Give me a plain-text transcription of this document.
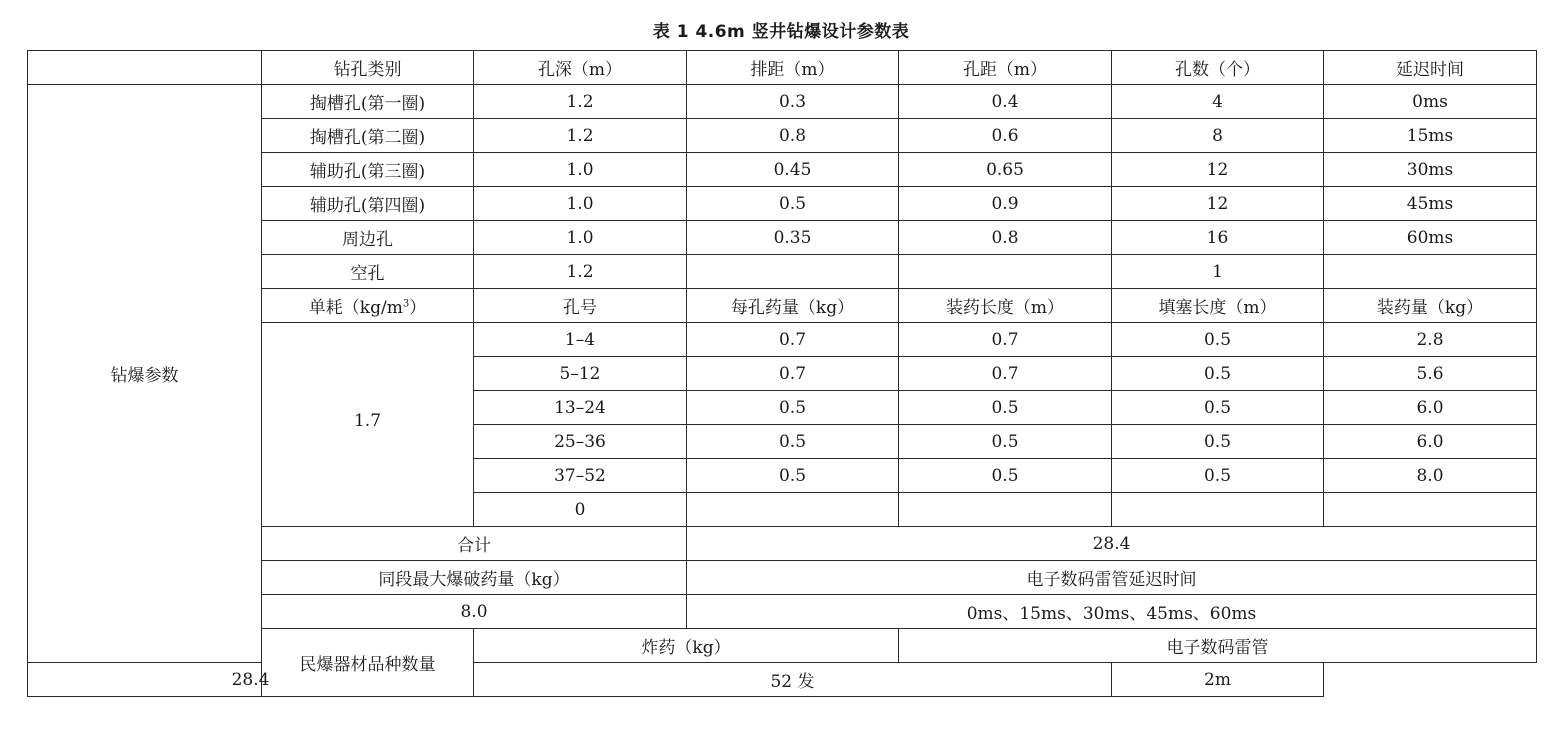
表 1 4.6m 竖井钻爆设计参数表
	钻孔类别	孔深（m）	排距（m）	孔距（m）	孔数（个）	延迟时间	
钻爆参数	掏槽孔(第一圈)	1.2	0.3	0.4	4	0ms	
	掏槽孔(第二圈)	1.2	0.8	0.6	8	15ms	
	辅助孔(第三圈)	1.0	0.45	0.65	12	30ms	
	辅助孔(第四圈)	1.0	0.5	0.9	12	45ms	
	周边孔	1.0	0.35	0.8	16	60ms	
	空孔	1.2			1		
	单耗$(kg/m^3)$	孔号	每孔药量（kg）	装药长度（m）	填塞长度（m）	装药量（kg）	
	1.7	1–4	0.7	0.7	0.5	2.8	
		5–12	0.7	0.7	0.5	5.6	
		13–24	0.5	0.5	0.5	6.0	
		25–36	0.5	0.5	0.5	6.0	
		37–52	0.5	0.5	0.5	8.0	
		0					
	合计		28.4				
	同段最大爆破药量（kg）		电子数码雷管延迟时间				
	8.0		0ms、15ms、30ms、45ms、60ms				
	民爆器材品种数量	炸药（kg）		电子数码雷管	
28.4		52 发			2m		
